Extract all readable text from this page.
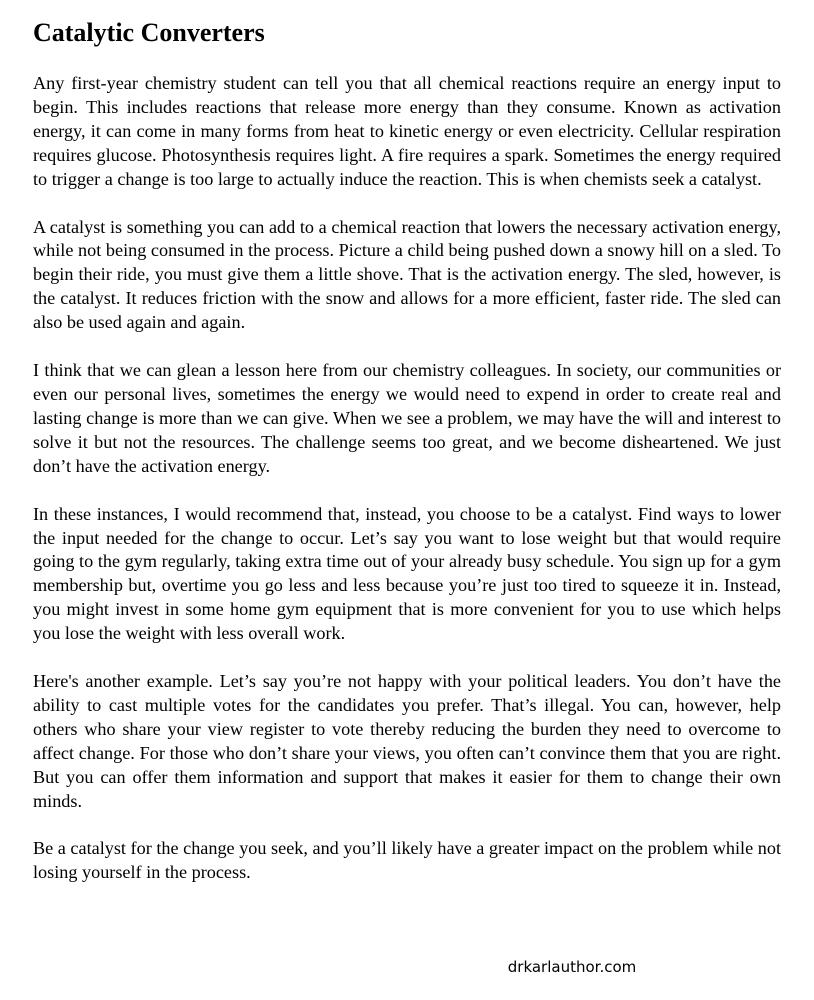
Catalytic Converters

Any first-year chemistry student can tell you that all chemical reactions require an energy input to begin. This includes reactions that release more energy than they consume. Known as activation energy, it can come in many forms from heat to kinetic energy or even electricity. Cellular respiration requires glucose. Photosynthesis requires light. A fire requires a spark. Sometimes the energy required to trigger a change is too large to actually induce the reaction. This is when chemists seek a catalyst.

A catalyst is something you can add to a chemical reaction that lowers the necessary activation energy, while not being consumed in the process. Picture a child being pushed down a snowy hill on a sled. To begin their ride, you must give them a little shove. That is the activation energy. The sled, however, is the catalyst. It reduces friction with the snow and allows for a more efficient, faster ride. The sled can also be used again and again.

I think that we can glean a lesson here from our chemistry colleagues. In society, our communities or even our personal lives, sometimes the energy we would need to expend in order to create real and lasting change is more than we can give. When we see a problem, we may have the will and interest to solve it but not the resources. The challenge seems too great, and we become disheartened. We just don’t have the activation energy.

In these instances, I would recommend that, instead, you choose to be a catalyst. Find ways to lower the input needed for the change to occur. Let’s say you want to lose weight but that would require going to the gym regularly, taking extra time out of your already busy schedule. You sign up for a gym membership but, overtime you go less and less because you’re just too tired to squeeze it in. Instead, you might invest in some home gym equipment that is more convenient for you to use which helps you lose the weight with less overall work.

Here's another example. Let’s say you’re not happy with your political leaders. You don’t have the ability to cast multiple votes for the candidates you prefer. That’s illegal. You can, however, help others who share your view register to vote thereby reducing the burden they need to overcome to affect change. For those who don’t share your views, you often can’t convince them that you are right. But you can offer them information and support that makes it easier for them to change their own minds.

Be a catalyst for the change you seek, and you’ll likely have a greater impact on the problem while not losing yourself in the process.

drkarlauthor.com
